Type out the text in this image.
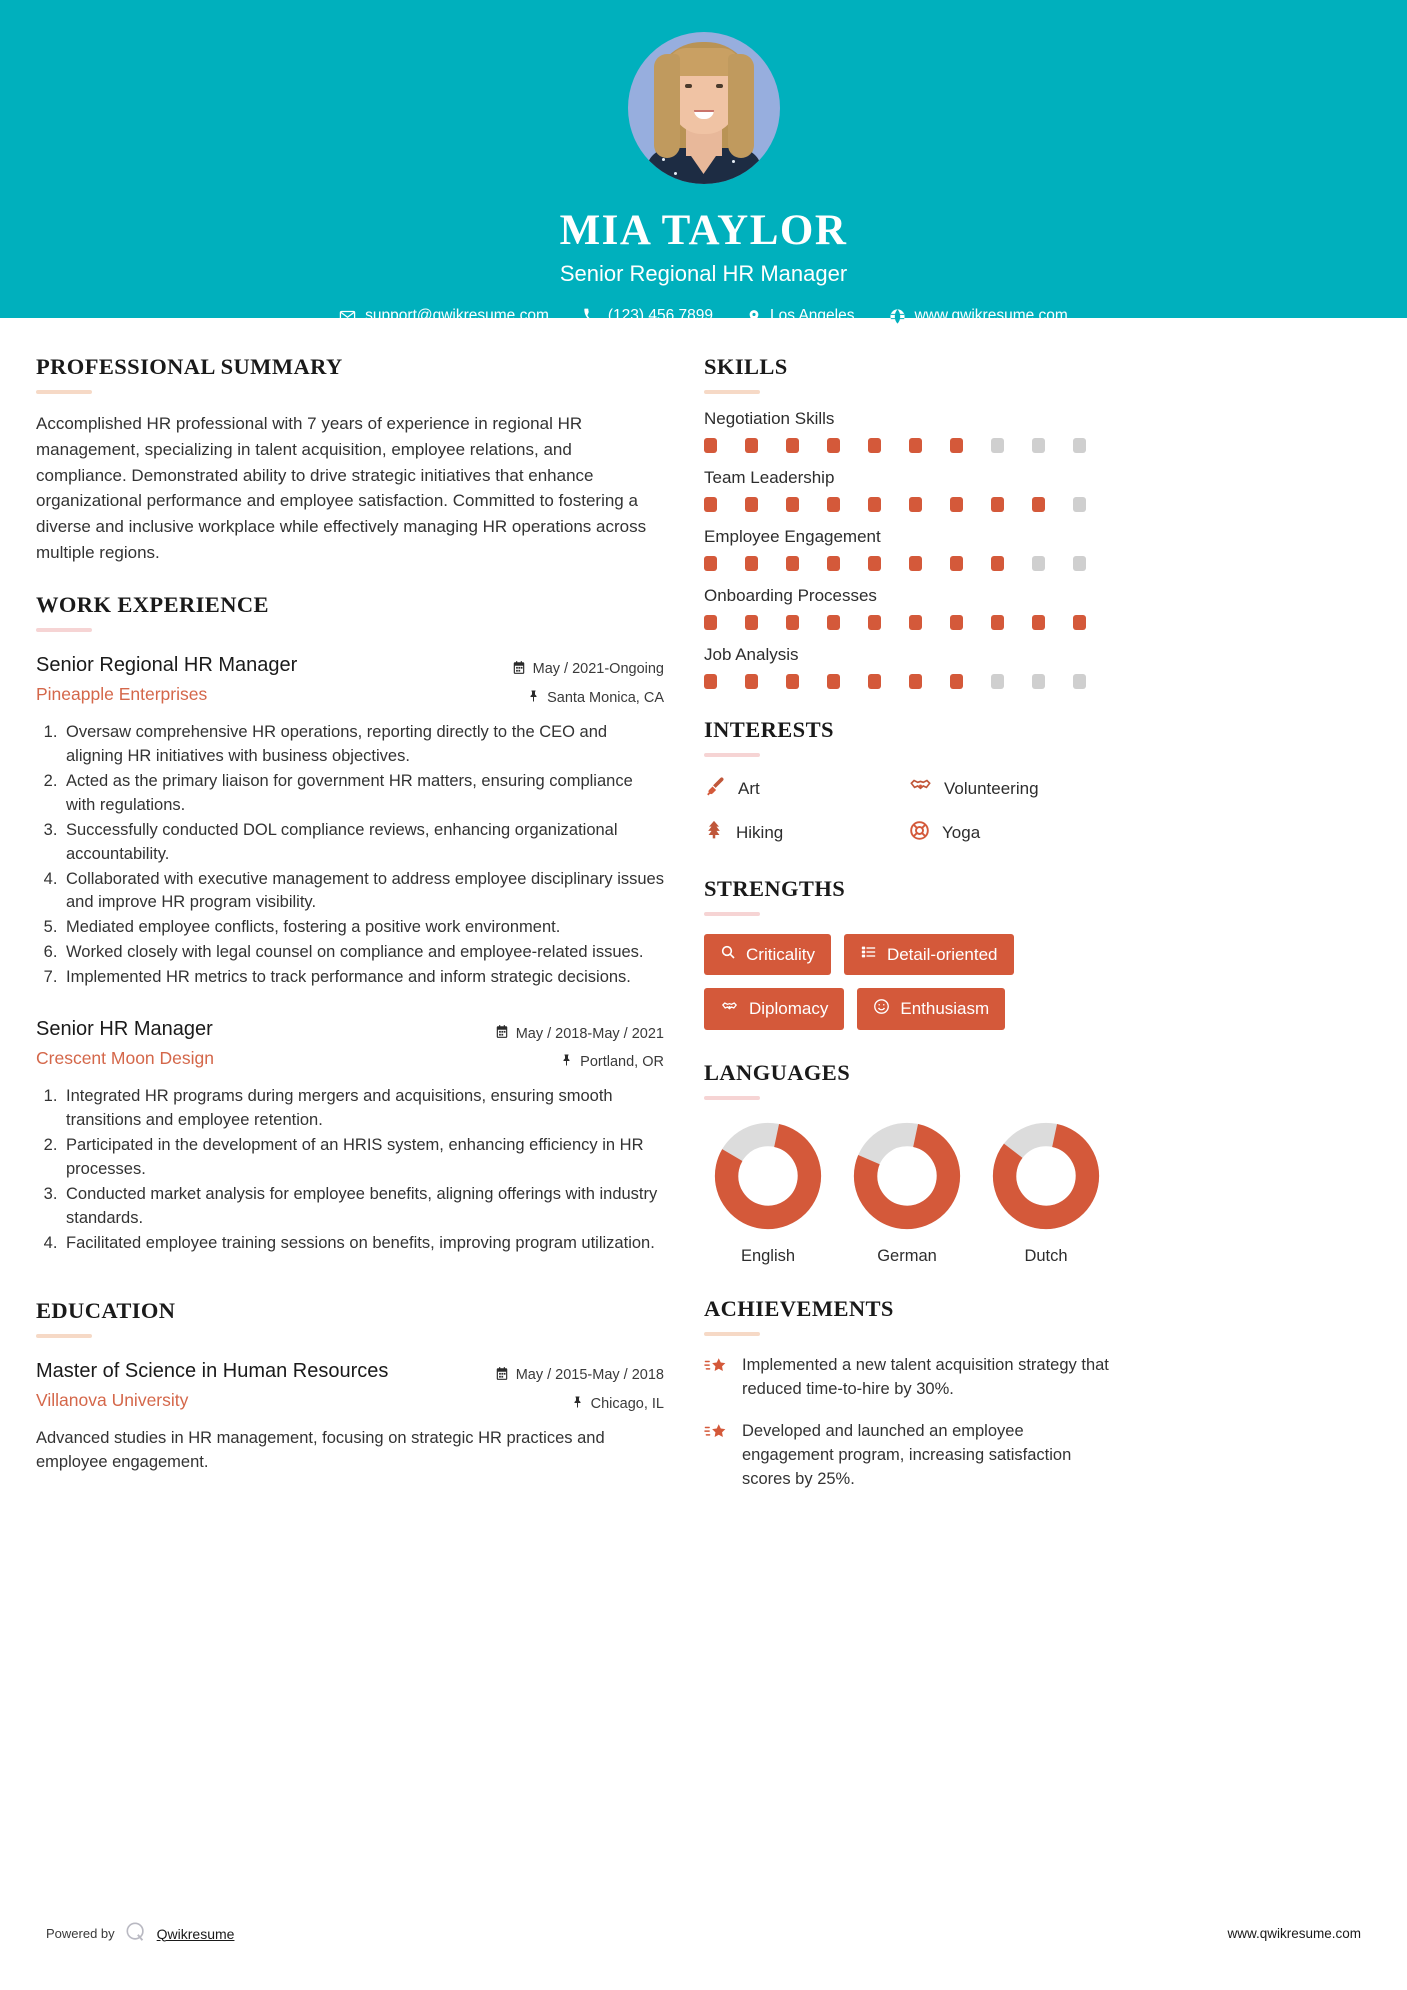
MIA TAYLOR
Senior Regional HR Manager
support@qwikresume.com	(123) 456 7899	Los Angeles	www.qwikresume.com
PROFESSIONAL SUMMARY
Accomplished HR professional with 7 years of experience in regional HR management, specializing in talent acquisition, employee relations, and compliance. Demonstrated ability to drive strategic initiatives that enhance organizational performance and employee satisfaction. Committed to fostering a diverse and inclusive workplace while effectively managing HR operations across multiple regions.
WORK EXPERIENCE
Senior Regional HR Manager
Pineapple Enterprises
May / 2021-Ongoing
Santa Monica, CA
1. Oversaw comprehensive HR operations, reporting directly to the CEO and aligning HR initiatives with business objectives.
2. Acted as the primary liaison for government HR matters, ensuring compliance with regulations.
3. Successfully conducted DOL compliance reviews, enhancing organizational accountability.
4. Collaborated with executive management to address employee disciplinary issues and improve HR program visibility.
5. Mediated employee conflicts, fostering a positive work environment.
6. Worked closely with legal counsel on compliance and employee-related issues.
7. Implemented HR metrics to track performance and inform strategic decisions.
Senior HR Manager
Crescent Moon Design
May / 2018-May / 2021
Portland, OR
1. Integrated HR programs during mergers and acquisitions, ensuring smooth transitions and employee retention.
2. Participated in the development of an HRIS system, enhancing efficiency in HR processes.
3. Conducted market analysis for employee benefits, aligning offerings with industry standards.
4. Facilitated employee training sessions on benefits, improving program utilization.
EDUCATION
Master of Science in Human Resources
Villanova University
May / 2015-May / 2018
Chicago, IL
Advanced studies in HR management, focusing on strategic HR practices and employee engagement.
SKILLS
Negotiation Skills
Team Leadership
Employee Engagement
Onboarding Processes
Job Analysis
INTERESTS
Art	Volunteering
Hiking	Yoga
STRENGTHS
Criticality	Detail-oriented
Diplomacy	Enthusiasm
LANGUAGES
English	German	Dutch
ACHIEVEMENTS
Implemented a new talent acquisition strategy that reduced time-to-hire by 30%.
Developed and launched an employee engagement program, increasing satisfaction scores by 25%.
Powered by	Qwikresume	www.qwikresume.com
